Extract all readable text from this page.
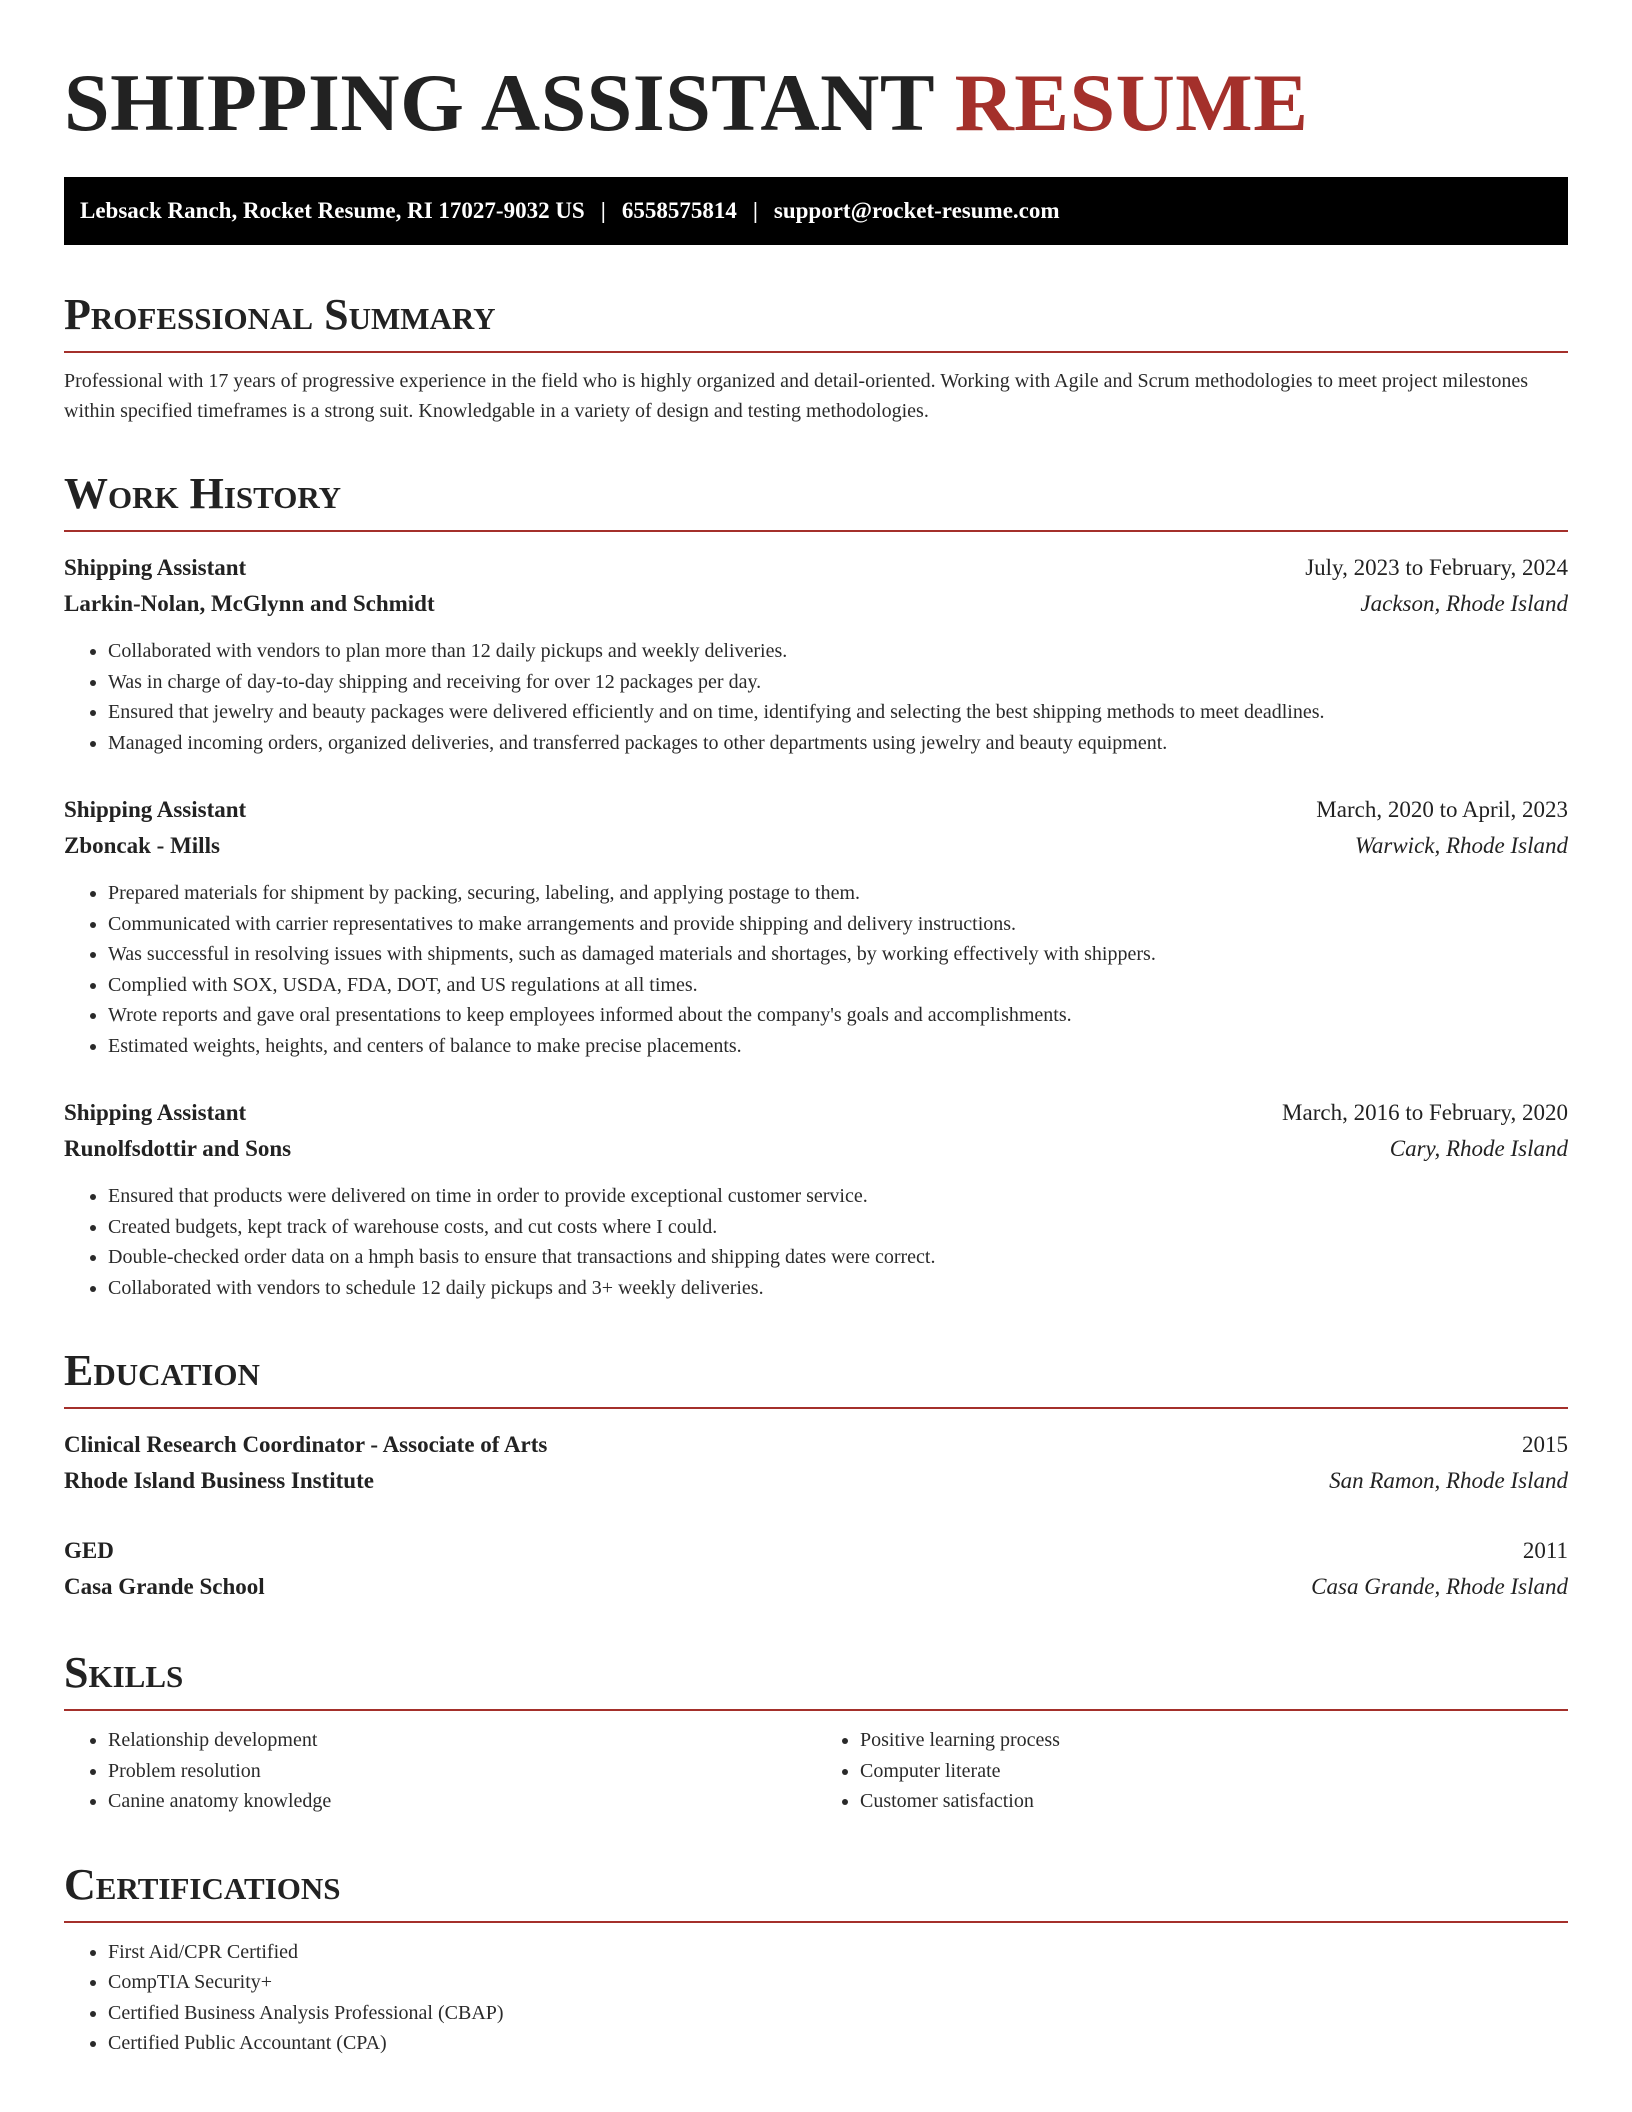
SHIPPING ASSISTANT RESUME
Lebsack Ranch, Rocket Resume, RI 17027-9032 US | 6558575814 | support@rocket-resume.com
Professional Summary

Professional with 17 years of progressive experience in the field who is highly organized and detail-oriented. Working with Agile and Scrum methodologies to meet project milestones within specified timeframes is a strong suit. Knowledgable in a variety of design and testing methodologies.

Work History
Shipping Assistant	July, 2023 to February, 2024
Larkin-Nolan, McGlynn and Schmidt	Jackson, Rhode Island
• Collaborated with vendors to plan more than 12 daily pickups and weekly deliveries.
• Was in charge of day-to-day shipping and receiving for over 12 packages per day.
• Ensured that jewelry and beauty packages were delivered efficiently and on time, identifying and selecting the best shipping methods to meet deadlines.
• Managed incoming orders, organized deliveries, and transferred packages to other departments using jewelry and beauty equipment.
Shipping Assistant	March, 2020 to April, 2023
Zboncak - Mills	Warwick, Rhode Island
• Prepared materials for shipment by packing, securing, labeling, and applying postage to them.
• Communicated with carrier representatives to make arrangements and provide shipping and delivery instructions.
• Was successful in resolving issues with shipments, such as damaged materials and shortages, by working effectively with shippers.
• Complied with SOX, USDA, FDA, DOT, and US regulations at all times.
• Wrote reports and gave oral presentations to keep employees informed about the company's goals and accomplishments.
• Estimated weights, heights, and centers of balance to make precise placements.
Shipping Assistant	March, 2016 to February, 2020
Runolfsdottir and Sons	Cary, Rhode Island
• Ensured that products were delivered on time in order to provide exceptional customer service.
• Created budgets, kept track of warehouse costs, and cut costs where I could.
• Double-checked order data on a hmph basis to ensure that transactions and shipping dates were correct.
• Collaborated with vendors to schedule 12 daily pickups and 3+ weekly deliveries.
Education
Clinical Research Coordinator - Associate of Arts	2015
Rhode Island Business Institute	San Ramon, Rhode Island
GED	2011
Casa Grande School	Casa Grande, Rhode Island
Skills
• Relationship development
• Problem resolution
• Canine anatomy knowledge
• Positive learning process
• Computer literate
• Customer satisfaction
Certifications
• First Aid/CPR Certified
• CompTIA Security+
• Certified Business Analysis Professional (CBAP)
• Certified Public Accountant (CPA)
